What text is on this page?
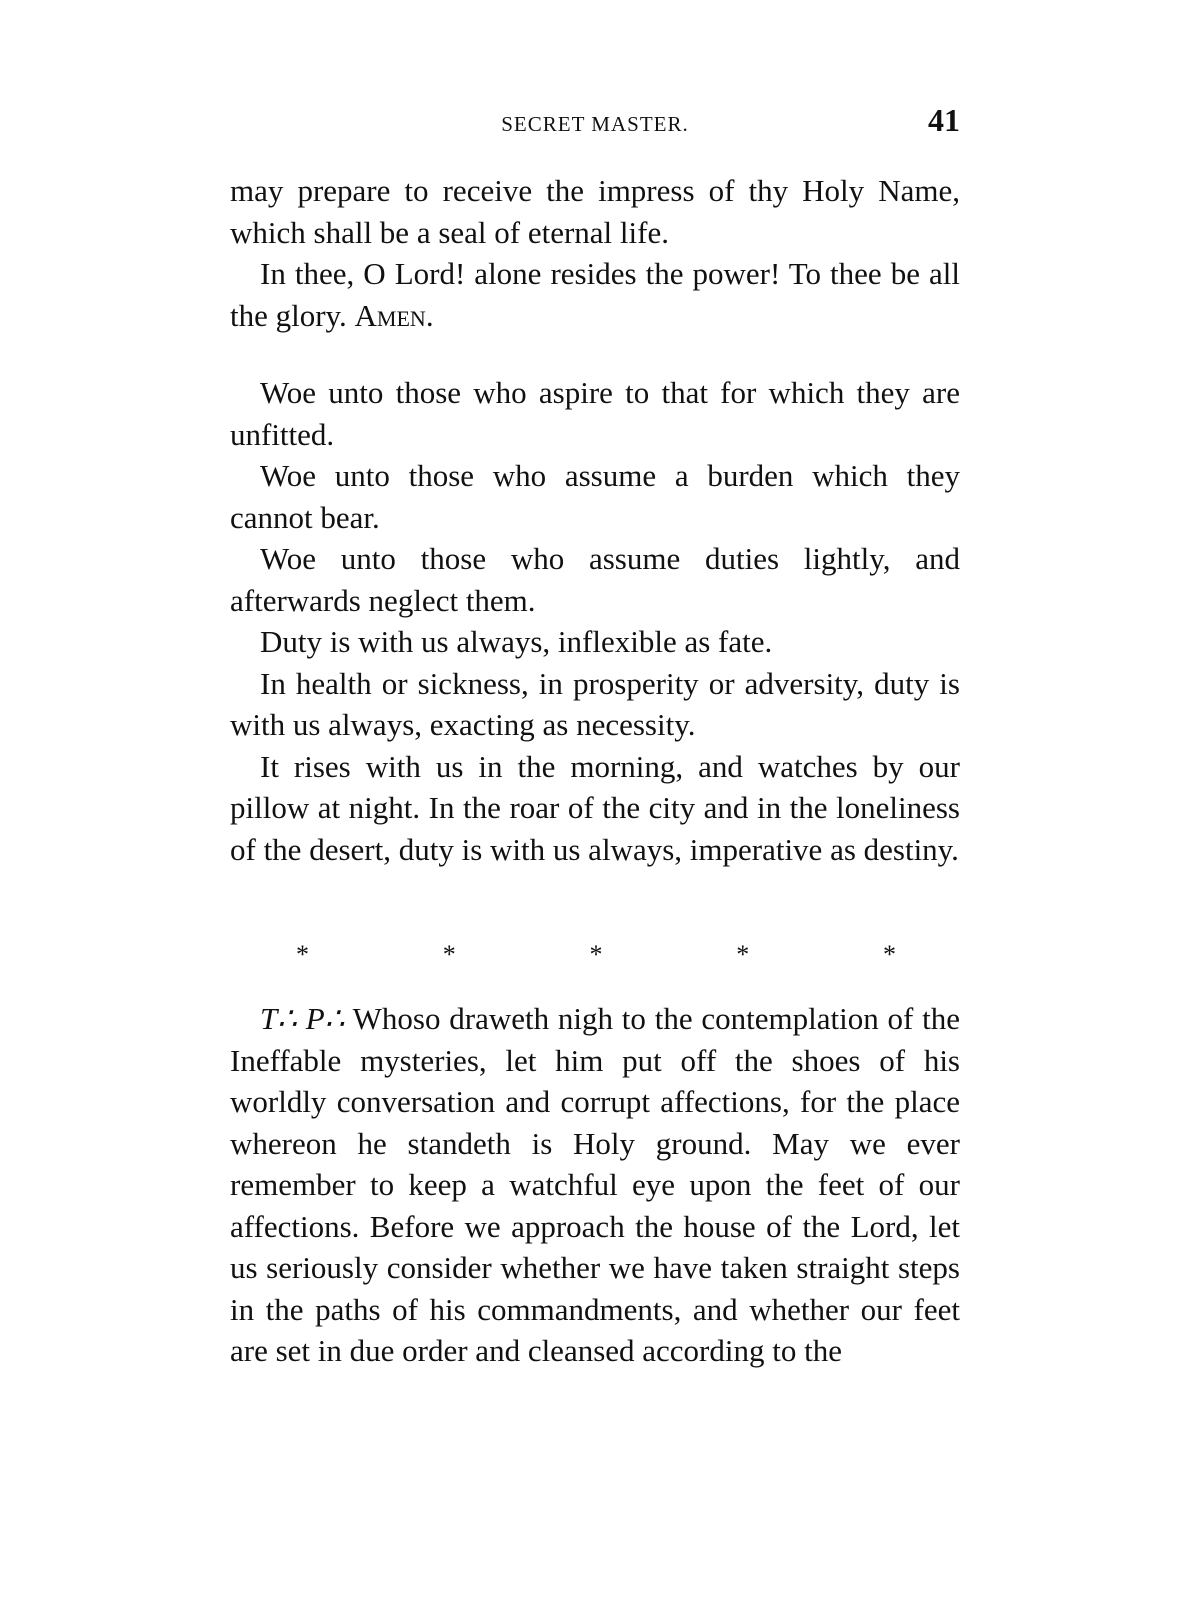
SECRET MASTER.	41

may prepare to receive the impress of thy Holy Name, which shall be a seal of eternal life.

In thee, O Lord! alone resides the power! To thee be all the glory. Amen.

Woe unto those who aspire to that for which they are unfitted.

Woe unto those who assume a burden which they cannot bear.

Woe unto those who assume duties lightly, and afterwards neglect them.

Duty is with us always, inflexible as fate.

In health or sickness, in prosperity or adversity, duty is with us always, exacting as necessity.

It rises with us in the morning, and watches by our pillow at night. In the roar of the city and in the loneliness of the desert, duty is with us always, imperative as destiny.

*	*	*	*	*

T∴ P∴ Whoso draweth nigh to the contemplation of the Ineffable mysteries, let him put off the shoes of his worldly conversation and corrupt affections, for the place whereon he standeth is Holy ground. May we ever remember to keep a watchful eye upon the feet of our affections. Before we approach the house of the Lord, let us seriously consider whether we have taken straight steps in the paths of his commandments, and whether our feet are set in due order and cleansed according to the
